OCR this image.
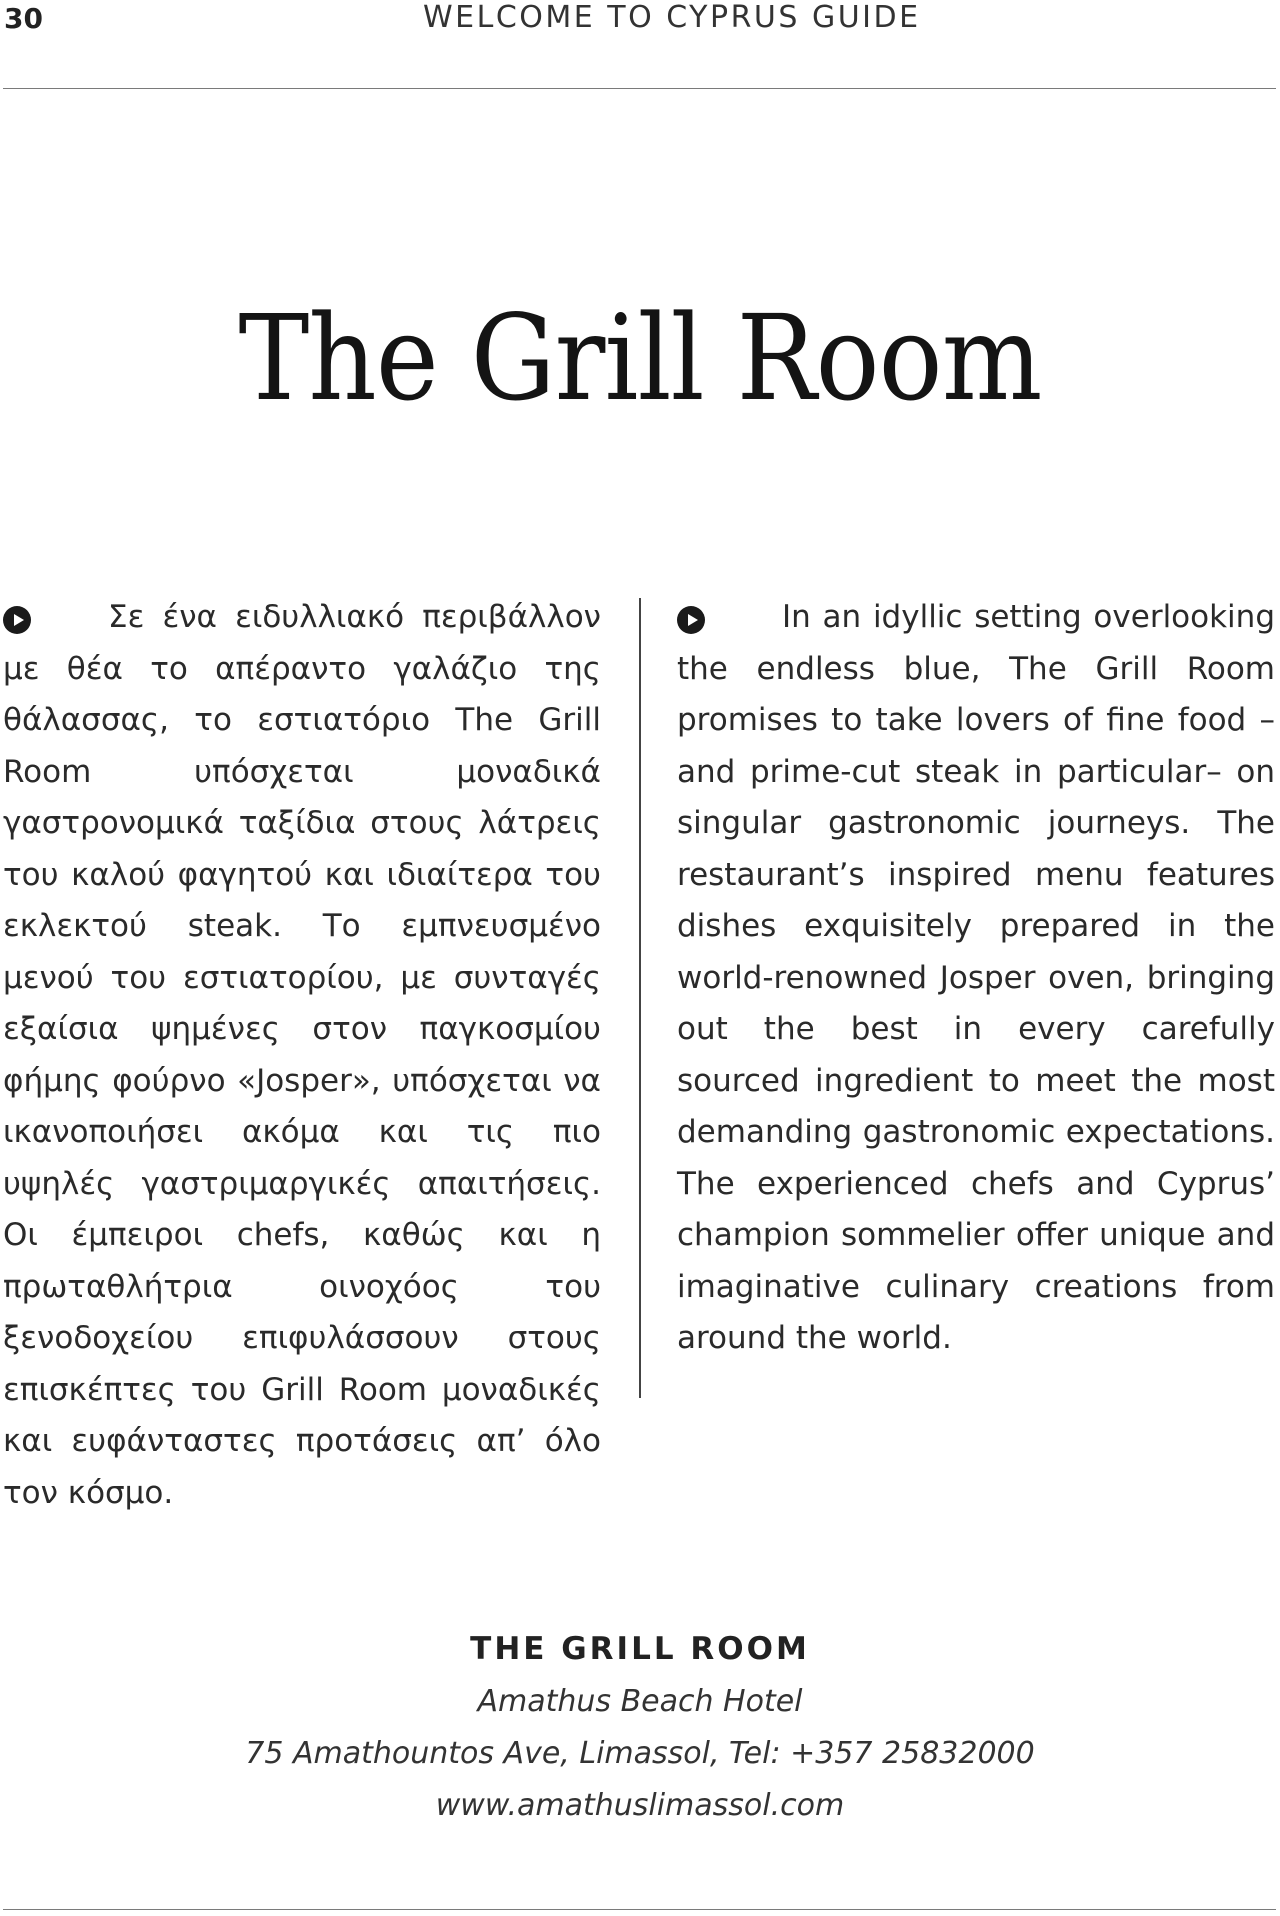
30	WELCOME TO CYPRUS GUIDE
The Grill Room

Σε ένα ειδυλλιακό περιβάλλον με θέα το απέραντο γαλάζιο της θάλασσας, το εστιατόριο The Grill Room υπόσχεται μοναδικά γαστρονομικά ταξίδια στους λάτρεις του καλού φαγητού και ιδιαίτερα του εκλεκτού steak. Το εμπνευσμένο μενού του εστιατορίου, με συνταγές εξαίσια ψημένες στον παγκοσμίου φήμης φούρνο «Josper», υπόσχεται να ικανοποιήσει ακόμα και τις πιο υψηλές γαστριμαργικές απαιτήσεις. Οι έμπειροι chefs, καθώς και η πρωταθλήτρια οινοχόος του ξενοδοχείου επιφυλάσσουν στους επισκέπτες του Grill Room μοναδικές και ευφάνταστες προτάσεις απ’ όλο τον κόσμο.

In an idyllic setting overlooking the endless blue, The Grill Room promises to take lovers of fine food –and prime-cut steak in particular– on singular gastronomic journeys. The restaurant’s inspired menu features dishes exquisitely prepared in the world-renowned Josper oven, bringing out the best in every carefully sourced ingredient to meet the most demanding gastronomic expectations. The experienced chefs and Cyprus’ champion sommelier offer unique and imaginative culinary creations from around the world.

THE GRILL ROOM
Amathus Beach Hotel
75 Amathountos Ave, Limassol, Tel: +357 25832000
www.amathuslimassol.com
